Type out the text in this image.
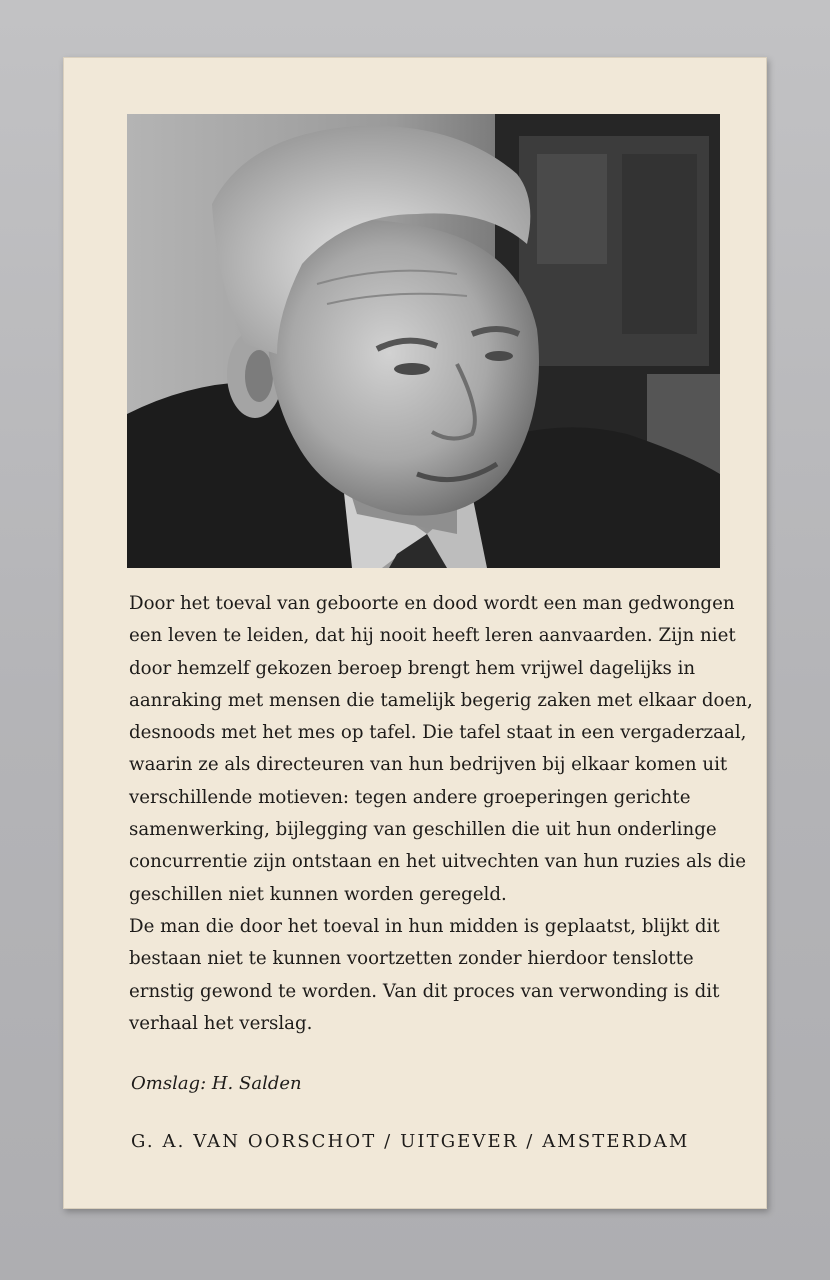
Door het toeval van geboorte en dood wordt een man gedwongen
een leven te leiden, dat hij nooit heeft leren aanvaarden. Zijn niet
door hemzelf gekozen beroep brengt hem vrijwel dagelijks in
aanraking met mensen die tamelijk begerig zaken met elkaar doen,
desnoods met het mes op tafel. Die tafel staat in een vergaderzaal,
waarin ze als directeuren van hun bedrijven bij elkaar komen uit
verschillende motieven: tegen andere groeperingen gerichte
samenwerking, bijlegging van geschillen die uit hun onderlinge
concurrentie zijn ontstaan en het uitvechten van hun ruzies als die
geschillen niet kunnen worden geregeld.
De man die door het toeval in hun midden is geplaatst, blijkt dit
bestaan niet te kunnen voortzetten zonder hierdoor tenslotte
ernstig gewond te worden. Van dit proces van verwonding is dit
verhaal het verslag.
Omslag: H. Salden
G. A. VAN OORSCHOT / UITGEVER / AMSTERDAM
